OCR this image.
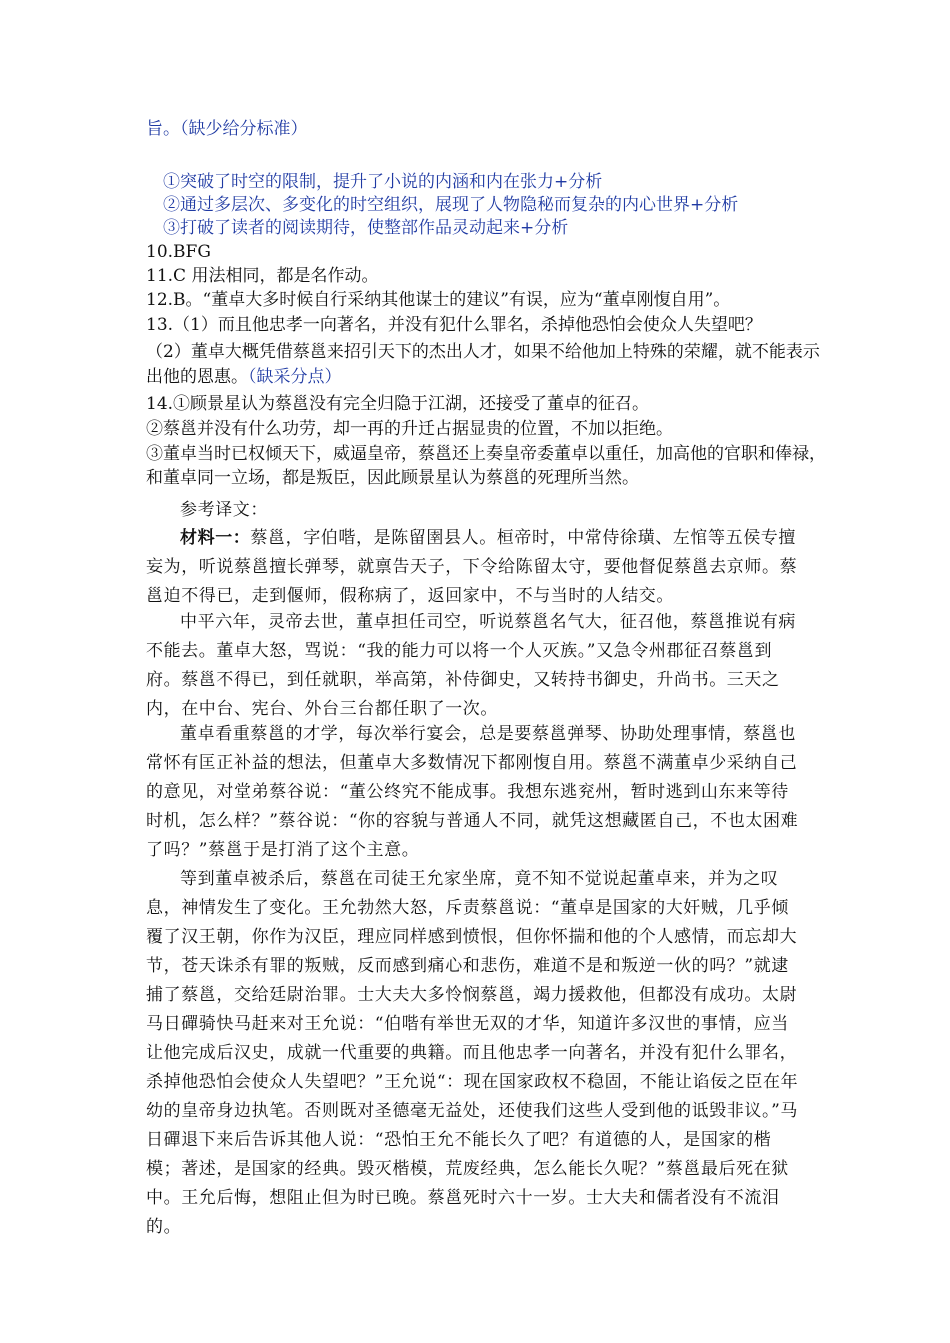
旨。（缺少给分标准）
①突破了时空的限制，提升了小说的内涵和内在张力+分析
②通过多层次、多变化的时空组织，展现了人物隐秘而复杂的内心世界+分析
③打破了读者的阅读期待，使整部作品灵动起来+分析
10.BFG
11.C 用法相同，都是名作动。
12.B。“董卓大多时候自行采纳其他谋士的建议”有误，应为“董卓刚愎自用”。
13.（1）而且他忠孝一向著名，并没有犯什么罪名，杀掉他恐怕会使众人失望吧？
（2）董卓大概凭借蔡邕来招引天下的杰出人才，如果不给他加上特殊的荣耀，就不能表示
出他的恩惠。（缺采分点）
14.①顾景星认为蔡邕没有完全归隐于江湖，还接受了董卓的征召。
②蔡邕并没有什么功劳，却一再的升迁占据显贵的位置，不加以拒绝。
③董卓当时已权倾天下，威逼皇帝，蔡邕还上奏皇帝委董卓以重任，加高他的官职和俸禄，
和董卓同一立场，都是叛臣，因此顾景星认为蔡邕的死理所当然。
参考译文：

材料一：蔡邕，字伯喈，是陈留圉县人。桓帝时，中常侍徐璜、左悺等五侯专擅妄为，听说蔡邕擅长弹琴，就禀告天子，下令给陈留太守，要他督促蔡邕去京师。蔡邕迫不得已，走到偃师，假称病了，返回家中，不与当时的人结交。

中平六年，灵帝去世，董卓担任司空，听说蔡邕名气大，征召他，蔡邕推说有病不能去。董卓大怒，骂说：“我的能力可以将一个人灭族。”又急令州郡征召蔡邕到府。蔡邕不得已，到任就职，举高第，补侍御史，又转持书御史，升尚书。三天之内，在中台、宪台、外台三台都任职了一次。

董卓看重蔡邕的才学，每次举行宴会，总是要蔡邕弹琴、协助处理事情，蔡邕也常怀有匡正补益的想法，但董卓大多数情况下都刚愎自用。蔡邕不满董卓少采纳自己的意见，对堂弟蔡谷说：“董公终究不能成事。我想东逃兖州，暂时逃到山东来等待时机，怎么样？”蔡谷说：“你的容貌与普通人不同，就凭这想藏匿自己，不也太困难了吗？”蔡邕于是打消了这个主意。

等到董卓被杀后，蔡邕在司徒王允家坐席，竟不知不觉说起董卓来，并为之叹息，神情发生了变化。王允勃然大怒，斥责蔡邕说：“董卓是国家的大奸贼，几乎倾覆了汉王朝，你作为汉臣，理应同样感到愤恨，但你怀揣和他的个人感情，而忘却大节，苍天诛杀有罪的叛贼，反而感到痛心和悲伤，难道不是和叛逆一伙的吗？”就逮捕了蔡邕，交给廷尉治罪。士大夫大多怜悯蔡邕，竭力援救他，但都没有成功。太尉马日磾骑快马赶来对王允说：“伯喈有举世无双的才华，知道许多汉世的事情，应当让他完成后汉史，成就一代重要的典籍。而且他忠孝一向著名，并没有犯什么罪名，杀掉他恐怕会使众人失望吧？”王允说“：现在国家政权不稳固，不能让谄佞之臣在年幼的皇帝身边执笔。否则既对圣德毫无益处，还使我们这些人受到他的诋毁非议。”马日磾退下来后告诉其他人说：“恐怕王允不能长久了吧？有道德的人，是国家的楷模；著述，是国家的经典。毁灭楷模，荒废经典，怎么能长久呢？”蔡邕最后死在狱中。王允后悔，想阻止但为时已晚。蔡邕死时六十一岁。士大夫和儒者没有不流泪的。
